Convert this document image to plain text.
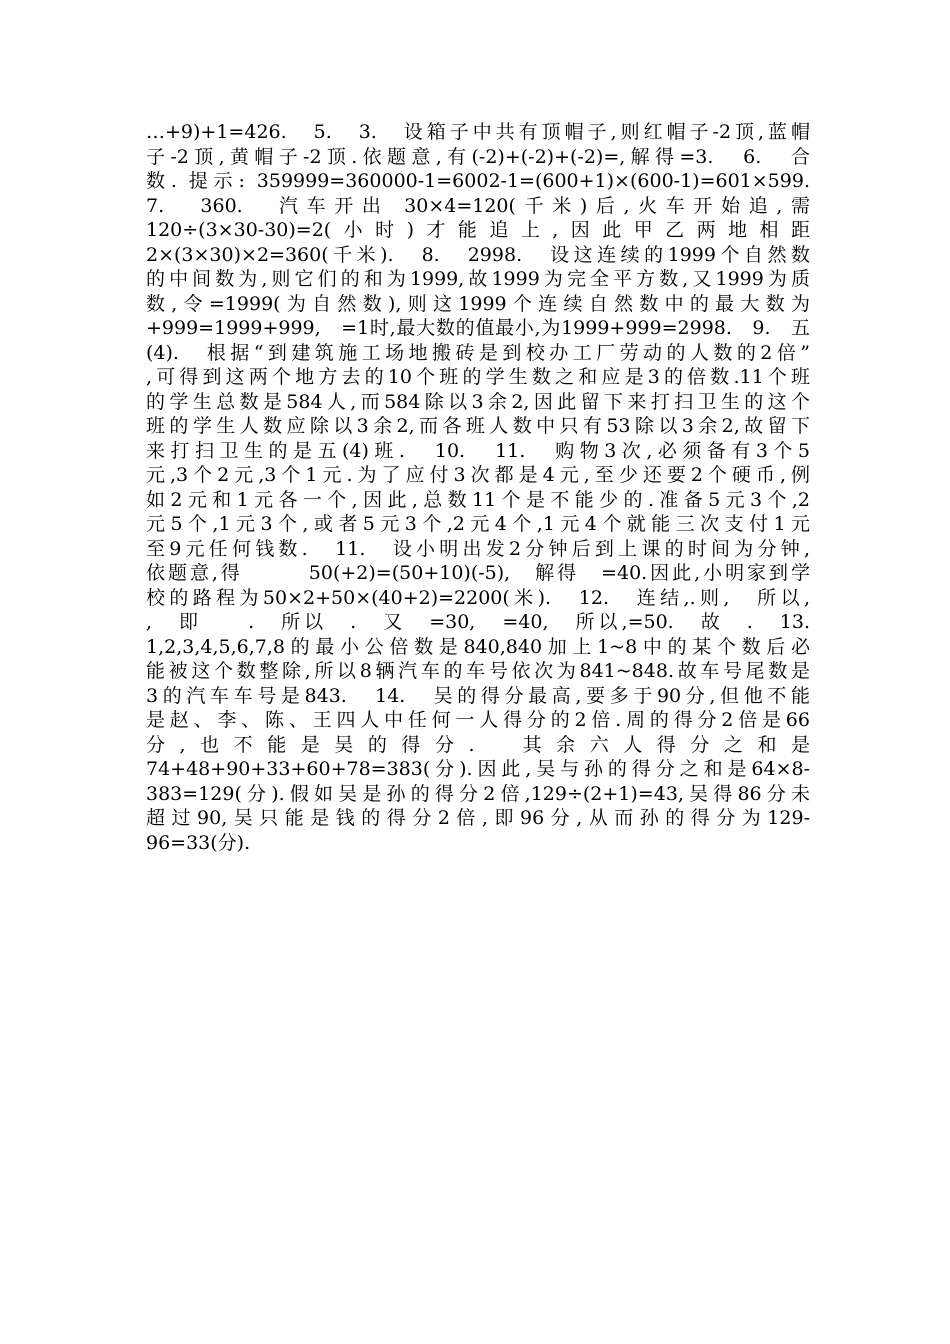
…+9)+1=426.　5.　3.　设箱子中共有顶帽子,则红帽子-2顶,蓝帽
子-2顶,黄帽子-2顶.依题意,有(-2)+(-2)+(-2)=,解得=3.　6.　合
数. 提示: 359999=360000-1=6002-1=(600+1)×(600-1)=601×599.
7.　360.　汽车开出 30×4=120(千米)后,火车开始追,需
120÷(3×30-30)=2(小时)才能追上,因此甲乙两地相距
2×(3×30)×2=360(千米).　8.　2998.　设这连续的1999个自然数
的中间数为,则它们的和为1999,故1999为完全平方数,又1999为质
数,令=1999(为自然数),则这1999个连续自然数中的最大数为
+999=1999+999,　=1时,最大数的值最小,为1999+999=2998.　9.　五
(4).　根据“到建筑施工场地搬砖是到校办工厂劳动的人数的2倍”
,可得到这两个地方去的10个班的学生数之和应是3的倍数.11个班
的学生总数是584人,而584除以3余2,因此留下来打扫卫生的这个
班的学生人数应除以3余2,而各班人数中只有53除以3余2,故留下
来打扫卫生的是五(4)班.　10.　11.　购物3次,必须备有3个5
元,3个2元,3个1元.为了应付3次都是4元,至少还要2个硬币,例
如2元和1元各一个,因此,总数11个是不能少的.准备5元3个,2
元5个,1元3个,或者5元3个,2元4个,1元4个就能三次支付1元
至9元任何钱数.　11.　设小明出发2分钟后到上课的时间为分钟,
依题意,得　　　50(+2)=(50+10)(-5),　解得　=40.因此,小明家到学
校的路程为50×2+50×(40+2)=2200(米).　12.　连结,.则,　所以,
,　即　　.　所以　.　又　=30,　=40,　所以,=50.　故　.　13.
1,2,3,4,5,6,7,8的最小公倍数是840,840加上1~8中的某个数后必
能被这个数整除,所以8辆汽车的车号依次为841~848.故车号尾数是
3的汽车车号是843.　14.　吴的得分最高,要多于90分,但他不能
是赵、李、陈、王四人中任何一人得分的2倍.周的得分2倍是66
分,也不能是吴的得分.　其余六人得分之和是
74+48+90+33+60+78=383(分).因此,吴与孙的得分之和是64×8-
383=129(分).假如吴是孙的得分2倍,129÷(2+1)=43,吴得86分未
超过90,吴只能是钱的得分2倍,即96分,从而孙的得分为129-
96=33(分).
